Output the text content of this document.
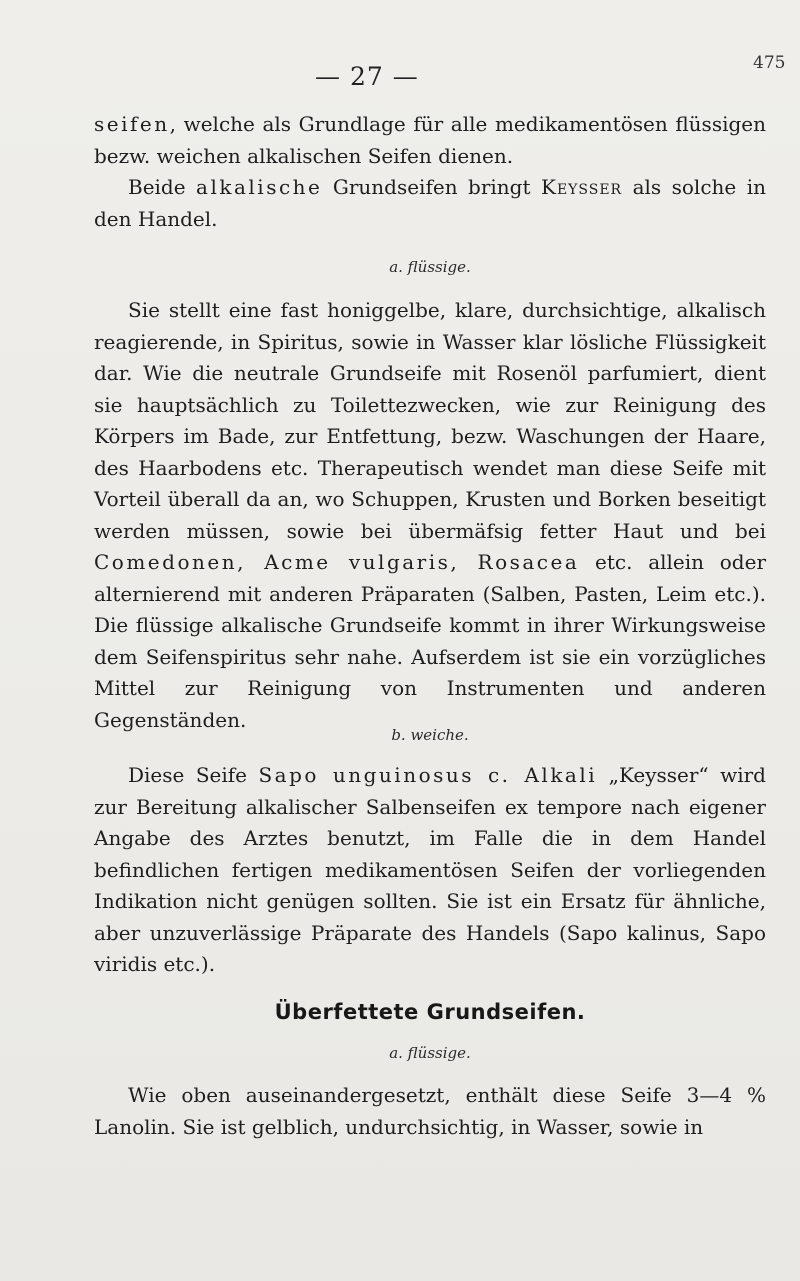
— 27 —	475

seifen, welche als Grundlage für alle medikamentösen flüssigen bezw. weichen alkalischen Seifen dienen.

Beide alkalische Grundseifen bringt Keysser als solche in den Handel.

a. flüssige.

Sie stellt eine fast honiggelbe, klare, durchsichtige, alkalisch reagierende, in Spiritus, sowie in Wasser klar lösliche Flüssigkeit dar. Wie die neutrale Grundseife mit Rosenöl parfumiert, dient sie hauptsächlich zu Toilettezwecken, wie zur Reinigung des Körpers im Bade, zur Entfettung, bezw. Waschungen der Haare, des Haarbodens etc. Therapeutisch wendet man diese Seife mit Vorteil überall da an, wo Schuppen, Krusten und Borken beseitigt werden müssen, sowie bei übermäfsig fetter Haut und bei Comedonen, Acme vulgaris, Rosacea etc. allein oder alternierend mit anderen Präparaten (Salben, Pasten, Leim etc.). Die flüssige alkalische Grundseife kommt in ihrer Wirkungsweise dem Seifenspiritus sehr nahe. Aufserdem ist sie ein vorzügliches Mittel zur Reinigung von Instrumenten und anderen Gegenständen.

b. weiche.

Diese Seife Sapo unguinosus c. Alkali „Keysser“ wird zur Bereitung alkalischer Salbenseifen ex tempore nach eigener Angabe des Arztes benutzt, im Falle die in dem Handel befindlichen fertigen medikamentösen Seifen der vorliegenden Indikation nicht genügen sollten. Sie ist ein Ersatz für ähnliche, aber unzuverlässige Präparate des Handels (Sapo kalinus, Sapo viridis etc.).

Überfettete Grundseifen.
a. flüssige.

Wie oben auseinandergesetzt, enthält diese Seife 3—4 % Lanolin. Sie ist gelblich, undurchsichtig, in Wasser, sowie in
